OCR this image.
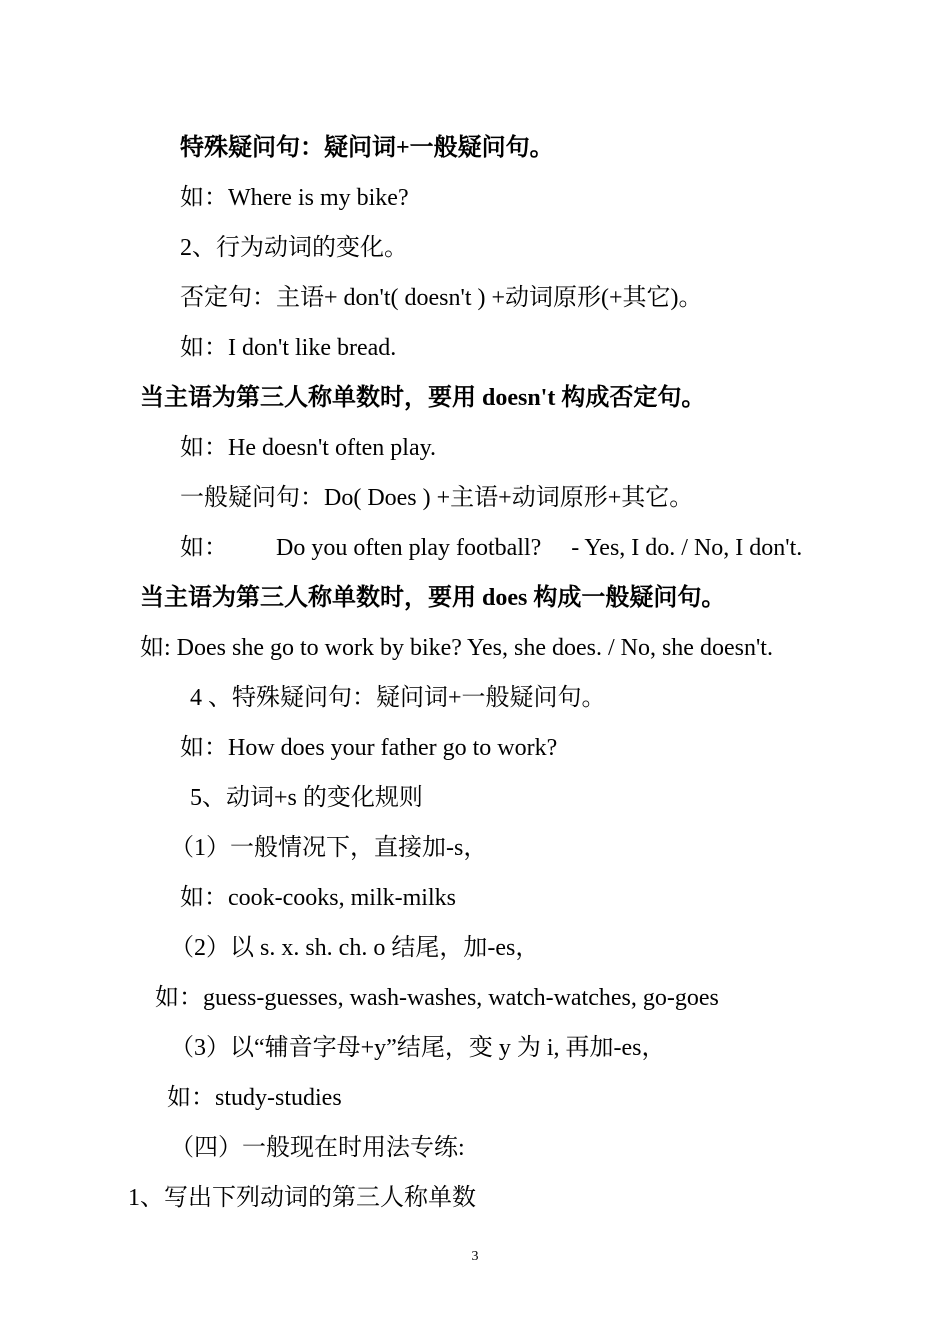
特殊疑问句：疑问词+一般疑问句。
如：Where is my bike?
2、行为动词的变化。
否定句：主语+ don't( doesn't ) +动词原形(+其它)。
如：I don't like bread.
当主语为第三人称单数时，要用 doesn't 构成否定句。
如：He doesn't often play.
一般疑问句：Do( Does ) +主语+动词原形+其它。
如： Do you often play football? - Yes, I do. / No, I don't.
当主语为第三人称单数时，要用 does 构成一般疑问句。
如: Does she go to work by bike? Yes, she does. / No, she doesn't.
4 、特殊疑问句：疑问词+一般疑问句。
如：How does your father go to work?
5、动词+s 的变化规则
（1）一般情况下，直接加-s，
如：cook-cooks, milk-milks
（2）以 s. x. sh. ch. o 结尾，加-es，
如：guess-guesses, wash-washes, watch-watches, go-goes
（3）以“辅音字母+y”结尾，变 y 为 i, 再加-es，
如：study-studies
（四）一般现在时用法专练:
1、写出下列动词的第三人称单数
3
